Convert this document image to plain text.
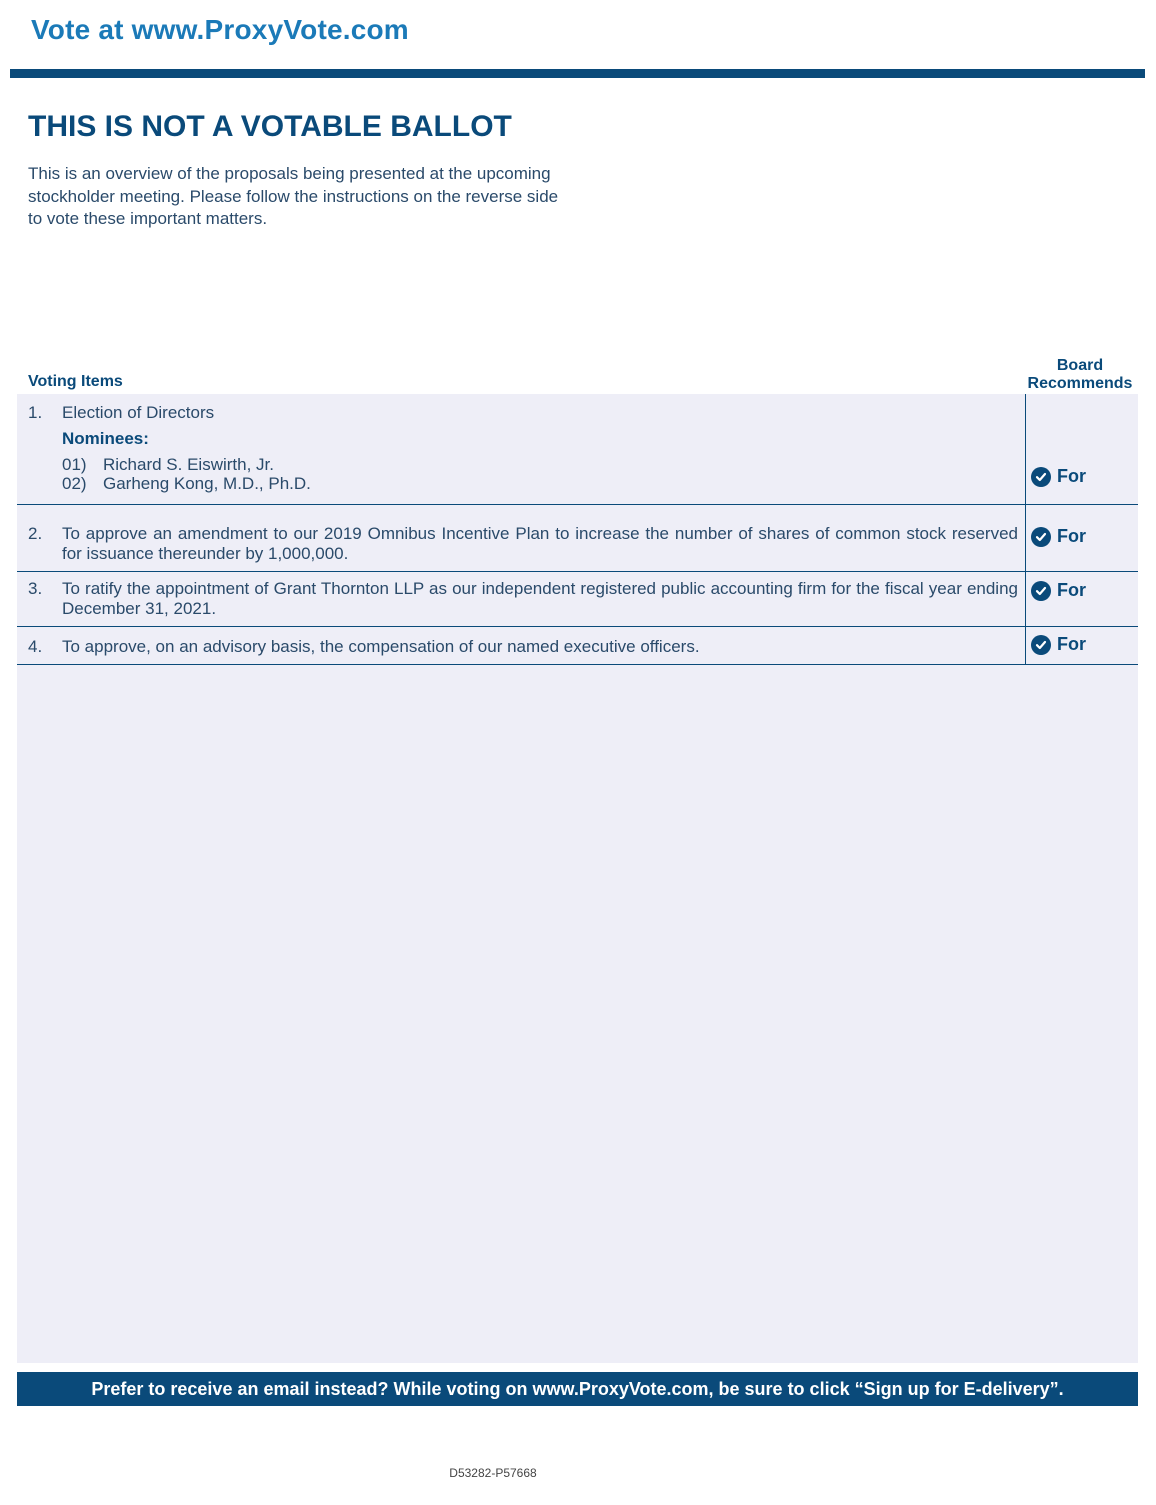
Vote at www.ProxyVote.com
THIS IS NOT A VOTABLE BALLOT
This is an overview of the proposals being presented at the upcoming stockholder meeting. Please follow the instructions on the reverse side to vote these important matters.
Voting Items
Board
Recommends
1. Election of Directors
Nominees:
01) Richard S. Eiswirth, Jr.
02) Garheng Kong, M.D., Ph.D.	For
2. To approve an amendment to our 2019 Omnibus Incentive Plan to increase the number of shares of common stock reserved for issuance thereunder by 1,000,000.
For
3. To ratify the appointment of Grant Thornton LLP as our independent registered public accounting firm for the fiscal year ending December 31, 2021.
For
4. To approve, on an advisory basis, the compensation of our named executive officers.	For
Prefer to receive an email instead? While voting on www.ProxyVote.com, be sure to click “Sign up for E-delivery”.
D53282-P57668
